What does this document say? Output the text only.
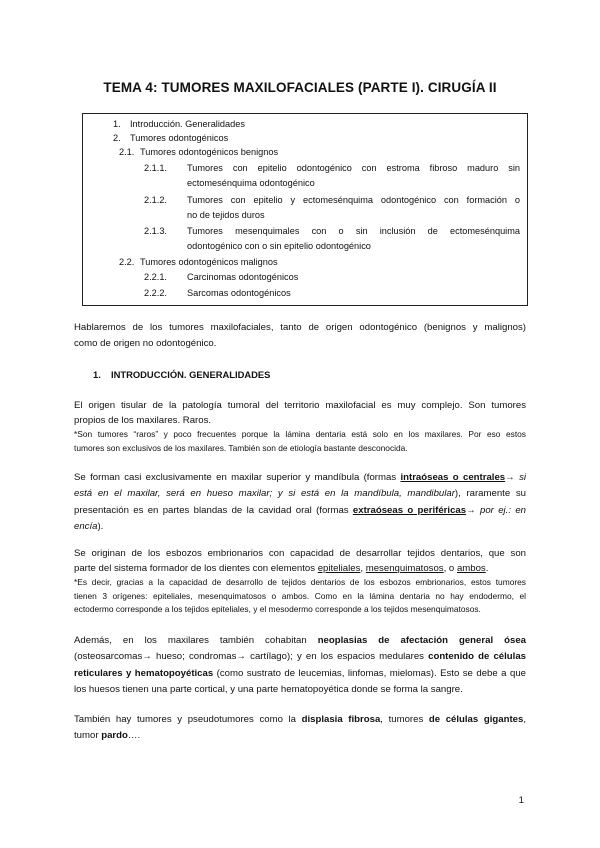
TEMA 4: TUMORES MAXILOFACIALES (PARTE I). CIRUGÍA II
1. Introducción. Generalidades
2. Tumores odontogénicos
2.1. Tumores odontogénicos benignos
2.1.1. Tumores con epitelio odontogénico con estroma fibroso maduro sin
ectomesénquima odontogénico
2.1.2. Tumores con epitelio y ectomesénquima odontogénico con formación o
no de tejidos duros
2.1.3. Tumores mesenquimales con o sin inclusión de ectomesénquima
odontogénico con o sin epitelio odontogénico
2.2. Tumores odontogénicos malignos
2.2.1. Carcinomas odontogénicos
2.2.2. Sarcomas odontogénicos
Hablaremos de los tumores maxilofaciales, tanto de origen odontogénico (benignos y malignos)
como de origen no odontogénico.
1. INTRODUCCIÓN. GENERALIDADES
El origen tisular de la patología tumoral del territorio maxilofacial es muy complejo. Son tumores
propios de los maxilares. Raros.
*Son tumores “raros” y poco frecuentes porque la lámina dentaria está solo en los maxilares. Por eso estos
tumores son exclusivos de los maxilares. También son de etiología bastante desconocida.
Se forman casi exclusivamente en maxilar superior y mandíbula (formas intraóseas o centrales→ si
está en el maxilar, será en hueso maxilar; y si está en la mandíbula, mandibular), raramente su
presentación es en partes blandas de la cavidad oral (formas extraóseas o periféricas→ por ej.: en
encía).
Se originan de los esbozos embrionarios con capacidad de desarrollar tejidos dentarios, que son
parte del sistema formador de los dientes con elementos epiteliales, mesenquimatosos, o ambos.
*Es decir, gracias a la capacidad de desarrollo de tejidos dentarios de los esbozos embrionarios, estos tumores
tienen 3 orígenes: epiteliales, mesenquimatosos o ambos. Como en la lámina dentaria no hay endodermo, el
ectodermo corresponde a los tejidos epiteliales, y el mesodermo corresponde a los tejidos mesenquimatosos.
Además, en los maxilares también cohabitan neoplasias de afectación general ósea
(osteosarcomas→ hueso; condromas→ cartílago); y en los espacios medulares contenido de células
reticulares y hematopoyéticas (como sustrato de leucemias, linfomas, mielomas). Esto se debe a que
los huesos tienen una parte cortical, y una parte hematopoyética donde se forma la sangre.
También hay tumores y pseudotumores como la displasia fibrosa, tumores de células gigantes,
tumor pardo….
1
